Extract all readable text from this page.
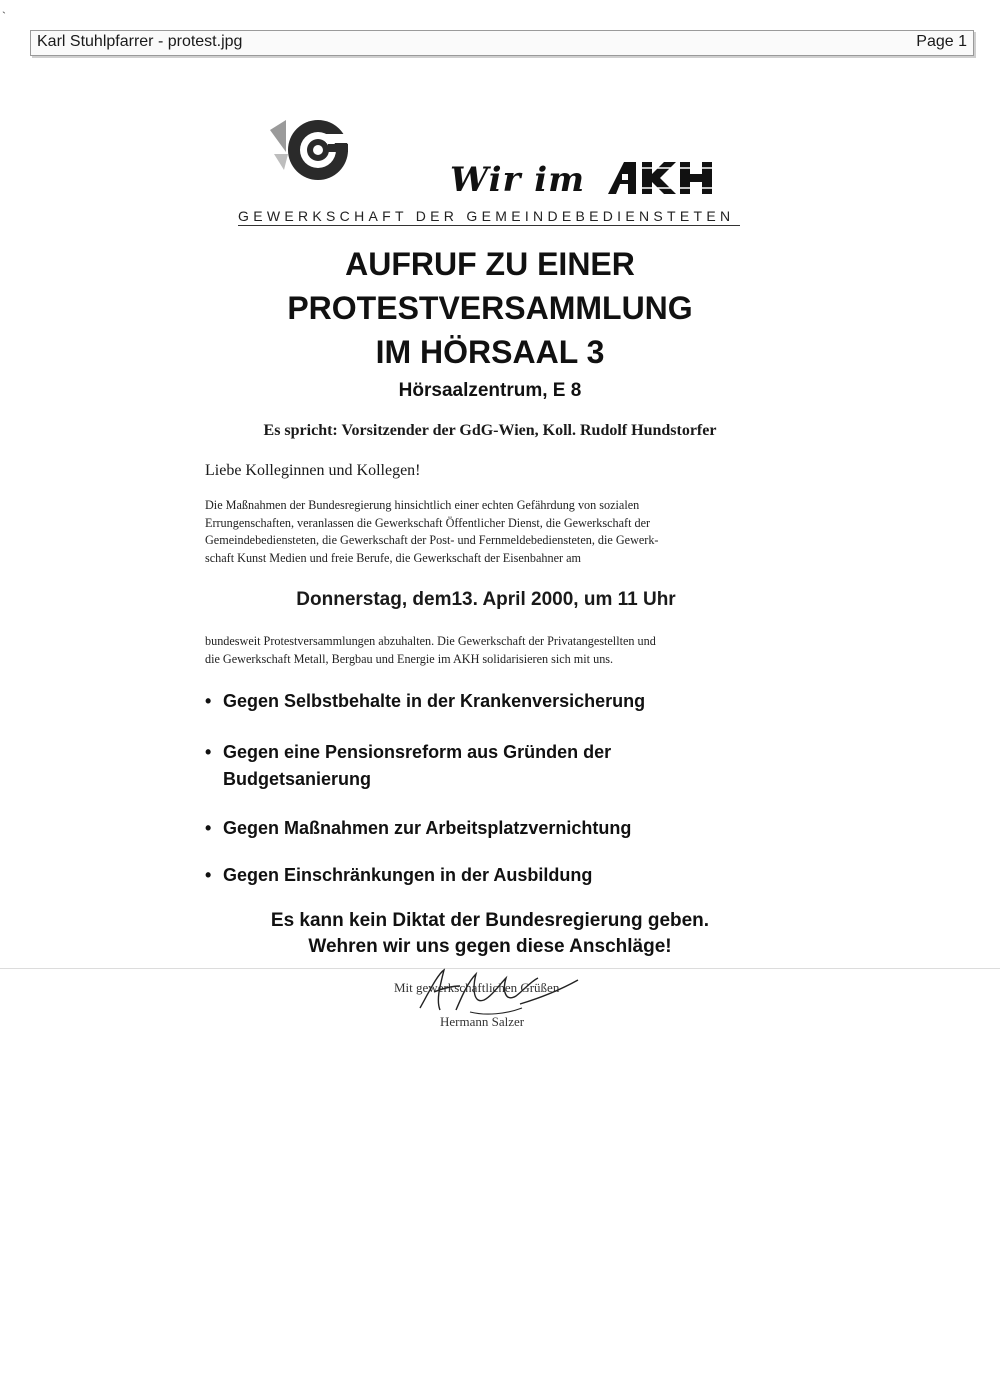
ˎ
Karl Stuhlpfarrer - protest.jpg	Page 1
Wir im
GEWERKSCHAFT DER GEMEINDEBEDIENSTETEN
AUFRUF ZU EINER
PROTESTVERSAMMLUNG
IM HÖRSAAL 3
Hörsaalzentrum, E 8
Es spricht: Vorsitzender der GdG-Wien, Koll. Rudolf Hundstorfer
Liebe Kolleginnen und Kollegen!
Die Maßnahmen der Bundesregierung hinsichtlich einer echten Gefährdung von sozialen
Errungenschaften, veranlassen die Gewerkschaft Öffentlicher Dienst, die Gewerkschaft der
Gemeindebediensteten, die Gewerkschaft der Post- und Fernmeldebediensteten, die Gewerk-
schaft Kunst Medien und freie Berufe, die Gewerkschaft der Eisenbahner am
Donnerstag, dem13. April 2000, um 11 Uhr
bundesweit Protestversammlungen abzuhalten. Die Gewerkschaft der Privatangestellten und
die Gewerkschaft Metall, Bergbau und Energie im AKH solidarisieren sich mit uns.
• Gegen Selbstbehalte in der Krankenversicherung
• Gegen eine Pensionsreform aus Gründen der
Budgetsanierung
• Gegen Maßnahmen zur Arbeitsplatzvernichtung
• Gegen Einschränkungen in der Ausbildung
Es kann kein Diktat der Bundesregierung geben.
Wehren wir uns gegen diese Anschläge!
Mit gewerkschaftlichen Grüßen
Hermann Salzer
